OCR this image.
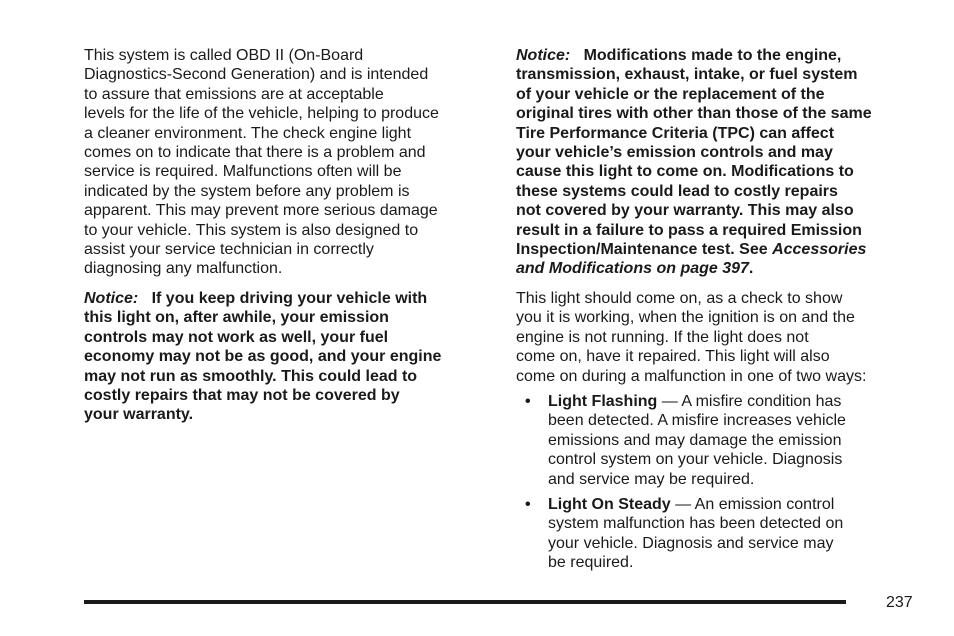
This system is called OBD II (On-Board
Diagnostics-Second Generation) and is intended
to assure that emissions are at acceptable
levels for the life of the vehicle, helping to produce
a cleaner environment. The check engine light
comes on to indicate that there is a problem and
service is required. Malfunctions often will be
indicated by the system before any problem is
apparent. This may prevent more serious damage
to your vehicle. This system is also designed to
assist your service technician in correctly
diagnosing any malfunction.

Notice: If you keep driving your vehicle with
this light on, after awhile, your emission
controls may not work as well, your fuel
economy may not be as good, and your engine
may not run as smoothly. This could lead to
costly repairs that may not be covered by
your warranty.

Notice: Modifications made to the engine,
transmission, exhaust, intake, or fuel system
of your vehicle or the replacement of the
original tires with other than those of the same
Tire Performance Criteria (TPC) can affect
your vehicle’s emission controls and may
cause this light to come on. Modifications to
these systems could lead to costly repairs
not covered by your warranty. This may also
result in a failure to pass a required Emission
Inspection/Maintenance test. See Accessories
and Modifications on page 397.

This light should come on, as a check to show
you it is working, when the ignition is on and the
engine is not running. If the light does not
come on, have it repaired. This light will also
come on during a malfunction in one of two ways:

• Light Flashing — A misfire condition has
been detected. A misfire increases vehicle
emissions and may damage the emission
control system on your vehicle. Diagnosis
and service may be required.
• Light On Steady — An emission control
system malfunction has been detected on
your vehicle. Diagnosis and service may
be required.
237
